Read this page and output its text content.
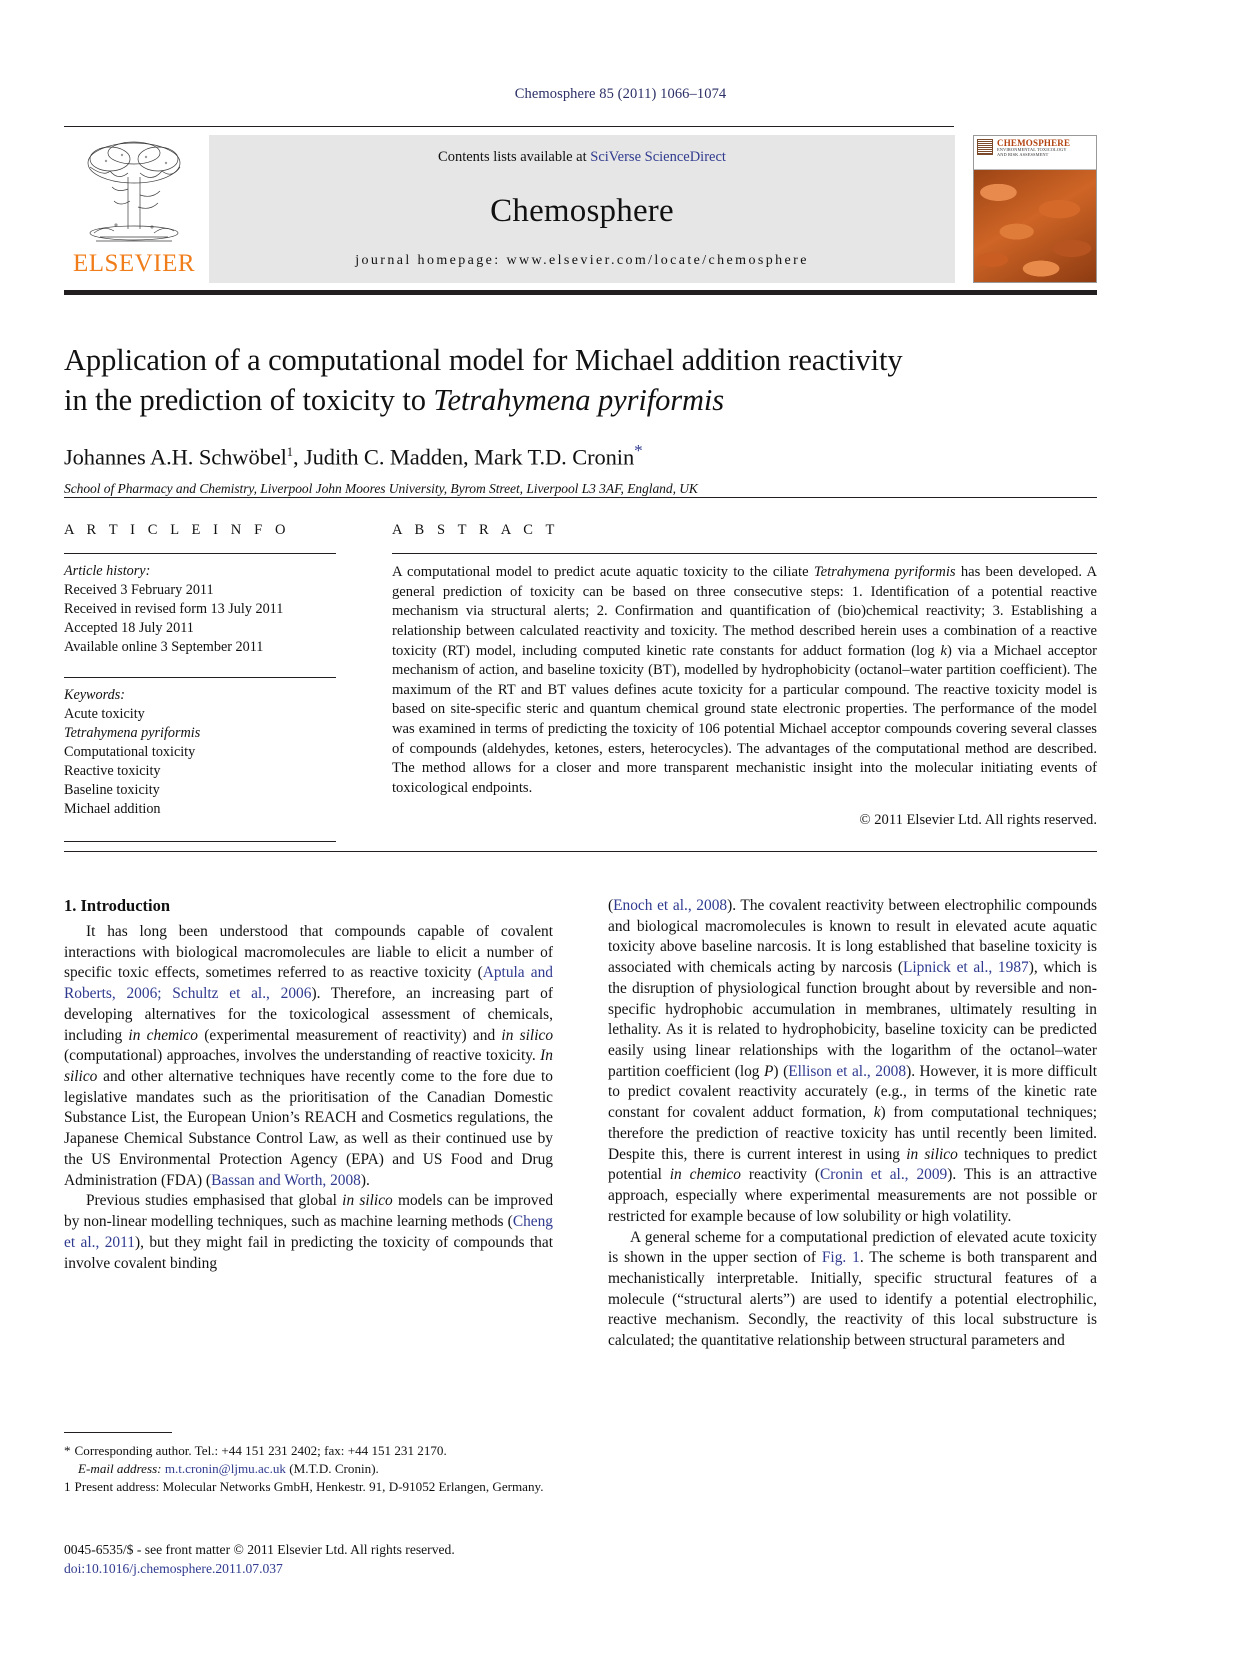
Chemosphere 85 (2011) 1066–1074
ELSEVIER
Contents lists available at SciVerse ScienceDirect
Chemosphere
journal homepage: www.elsevier.com/locate/chemosphere
CHEMOSPHERE
ENVIRONMENTAL TOXICOLOGY
AND RISK ASSESSMENT
Application of a computational model for Michael addition reactivity
in the prediction of toxicity to Tetrahymena pyriformis
Johannes A.H. Schwöbel$^1$, Judith C. Madden, Mark T.D. Cronin*
School of Pharmacy and Chemistry, Liverpool John Moores University, Byrom Street, Liverpool L3 3AF, England, UK
A R T I C L E I N F O
Article history:
Received 3 February 2011
Received in revised form 13 July 2011
Accepted 18 July 2011
Available online 3 September 2011
Keywords:
Acute toxicity
Tetrahymena pyriformis
Computational toxicity
Reactive toxicity
Baseline toxicity
Michael addition
A B S T R A C T
A computational model to predict acute aquatic toxicity to the ciliate Tetrahymena pyriformis has been developed. A general prediction of toxicity can be based on three consecutive steps: 1. Identification of a potential reactive mechanism via structural alerts; 2. Confirmation and quantification of (bio)chemical reactivity; 3. Establishing a relationship between calculated reactivity and toxicity. The method described herein uses a combination of a reactive toxicity (RT) model, including computed kinetic rate constants for adduct formation (log k) via a Michael acceptor mechanism of action, and baseline toxicity (BT), modelled by hydrophobicity (octanol–water partition coefficient). The maximum of the RT and BT values defines acute toxicity for a particular compound. The reactive toxicity model is based on site-specific steric and quantum chemical ground state electronic properties. The performance of the model was examined in terms of predicting the toxicity of 106 potential Michael acceptor compounds covering several classes of compounds (aldehydes, ketones, esters, heterocycles). The advantages of the computational method are described. The method allows for a closer and more transparent mechanistic insight into the molecular initiating events of toxicological endpoints.
© 2011 Elsevier Ltd. All rights reserved.
1. Introduction

It has long been understood that compounds capable of covalent interactions with biological macromolecules are liable to elicit a number of specific toxic effects, sometimes referred to as reactive toxicity (Aptula and Roberts, 2006; Schultz et al., 2006). Therefore, an increasing part of developing alternatives for the toxicological assessment of chemicals, including in chemico (experimental measurement of reactivity) and in silico (computational) approaches, involves the understanding of reactive toxicity. In silico and other alternative techniques have recently come to the fore due to legislative mandates such as the prioritisation of the Canadian Domestic Substance List, the European Union’s REACH and Cosmetics regulations, the Japanese Chemical Substance Control Law, as well as their continued use by the US Environmental Protection Agency (EPA) and US Food and Drug Administration (FDA) (Bassan and Worth, 2008).

Previous studies emphasised that global in silico models can be improved by non-linear modelling techniques, such as machine learning methods (Cheng et al., 2011), but they might fail in predicting the toxicity of compounds that involve covalent binding

(Enoch et al., 2008). The covalent reactivity between electrophilic compounds and biological macromolecules is known to result in elevated acute aquatic toxicity above baseline narcosis. It is long established that baseline toxicity is associated with chemicals acting by narcosis (Lipnick et al., 1987), which is the disruption of physiological function brought about by reversible and non-specific hydrophobic accumulation in membranes, ultimately resulting in lethality. As it is related to hydrophobicity, baseline toxicity can be predicted easily using linear relationships with the logarithm of the octanol–water partition coefficient (log P) (Ellison et al., 2008). However, it is more difficult to predict covalent reactivity accurately (e.g., in terms of the kinetic rate constant for covalent adduct formation, k) from computational techniques; therefore the prediction of reactive toxicity has until recently been limited. Despite this, there is current interest in using in silico techniques to predict potential in chemico reactivity (Cronin et al., 2009). This is an attractive approach, especially where experimental measurements are not possible or restricted for example because of low solubility or high volatility.

A general scheme for a computational prediction of elevated acute toxicity is shown in the upper section of Fig. 1. The scheme is both transparent and mechanistically interpretable. Initially, specific structural features of a molecule (“structural alerts”) are used to identify a potential electrophilic, reactive mechanism. Secondly, the reactivity of this local substructure is calculated; the quantitative relationship between structural parameters and

* Corresponding author. Tel.: +44 151 231 2402; fax: +44 151 231 2170.

E-mail address: m.t.cronin@ljmu.ac.uk (M.T.D. Cronin).

1 Present address: Molecular Networks GmbH, Henkestr. 91, D-91052 Erlangen, Germany.

0045-6535/$ - see front matter © 2011 Elsevier Ltd. All rights reserved.
doi:10.1016/j.chemosphere.2011.07.037
